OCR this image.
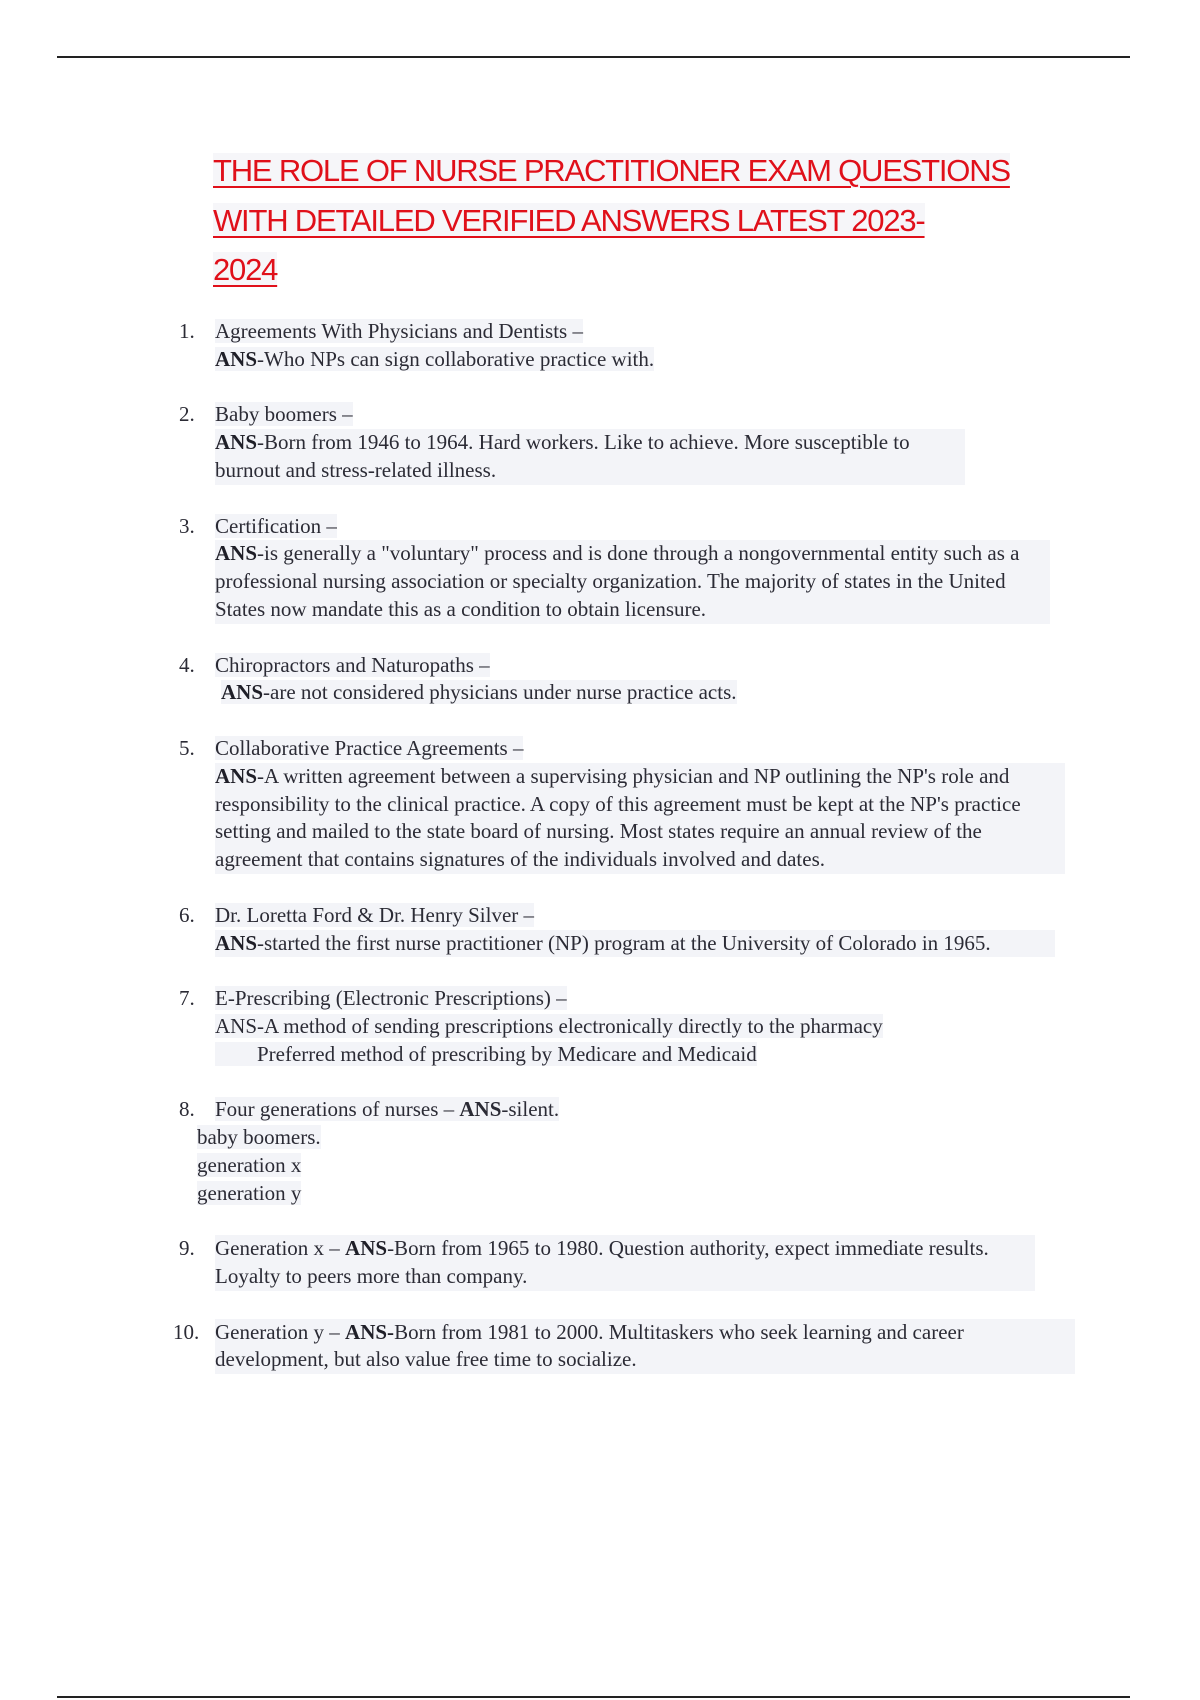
THE ROLE OF NURSE PRACTITIONER EXAM QUESTIONS
WITH DETAILED VERIFIED ANSWERS LATEST 2023-
2024
1. Agreements With Physicians and Dentists –
ANS-Who NPs can sign collaborative practice with.
2. Baby boomers –

ANS-Born from 1946 to 1964. Hard workers. Like to achieve. More susceptible to burnout and stress-related illness.
3. Certification –

ANS-is generally a "voluntary" process and is done through a nongovernmental entity such as a professional nursing association or specialty organization. The majority of states in the United States now mandate this as a condition to obtain licensure.
4. Chiropractors and Naturopaths –
ANS-are not considered physicians under nurse practice acts.
5. Collaborative Practice Agreements –

ANS-A written agreement between a supervising physician and NP outlining the NP's role and responsibility to the clinical practice. A copy of this agreement must be kept at the NP's practice setting and mailed to the state board of nursing. Most states require an annual review of the agreement that contains signatures of the individuals involved and dates.
6. Dr. Loretta Ford & Dr. Henry Silver –

ANS-started the first nurse practitioner (NP) program at the University of Colorado in 1965.
7. E-Prescribing (Electronic Prescriptions) –
ANS-A method of sending prescriptions electronically directly to the pharmacy
Preferred method of prescribing by Medicare and Medicaid
8. Four generations of nurses – ANS-silent.
baby boomers.
generation x
generation y
9. Generation x – ANS-Born from 1965 to 1980. Question authority, expect immediate results. Loyalty to peers more than company.
10. Generation y – ANS-Born from 1981 to 2000. Multitaskers who seek learning and career development, but also value free time to socialize.
